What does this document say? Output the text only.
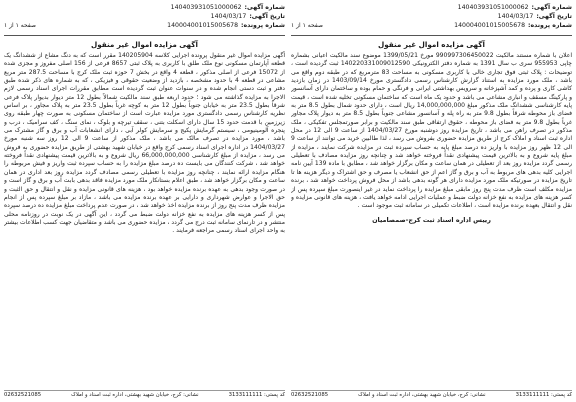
شماره آگهی:
140403931051000062
تاریخ آگهی:
1404/03/17
شماره پرونده:
140004001015005678
صفحه ۱ از ۱
آگهی مزایده اموال غیر منقول

آگهی مزایده اموال غیر منقول پرونده اجرایی کلاسه 140205904 مقرر است که به دنگ مشاع از ششدانگ یک قطعه آپارتمان مسکونی نوع ملک طلق با کاربری به پلاک ثبتی 8657 فرعی از 156 اصلی مفروز و مجزی شده از 15072 فرعی از اصلی مذکور ، قطعه 4 واقع در بخش 7 حوزه ثبت ملک کرج با مساحت 287.5 متر مربع مشاعی در قطعه 4 با حدود مشخصه ، بازدید از وضعیت حقوقی و فیزیکی ، که به شماره های ذکر شده طبق دفتر و ثبت دستی انجام شده و در سنوات عنوان ثبت گردیده است مطابق مقررات اجرای اسناد رسمی لازم الاجرا به مزایده گذاشته می شود ؛ حدود اربعه طبق سند مالکیت شمالاً بطول 12 متر دیوار بدیوار پلاک فرعی شرقاً بطول 23.5 متر به خیابان جنوباً بطول 12 متر به کوچه غرباً بطول 23.5 متر به پلاک مجاور ، بر اساس نظریه کارشناس رسمی دادگستری مورد مزایده عبارت است از ساختمان مسکونی به صورت چهار طبقه روی زیرزمین با قدمت حدود 15 سال دارای اسکلت بتنی ، سقف تیرچه و بلوک ، نمای سنگ ، کف سرامیک ، درب و پنجره آلومینیومی ، سیستم گرمایش پکیج و سرمایش کولر آبی ، دارای انشعابات آب و برق و گاز مشترک می باشد ، مورد مزایده در تصرف مالک می باشد ، ملک مذکور از ساعت 9 الی 12 روز سه شنبه مورخ 1404/03/27 در اداره اجرای اسناد رسمی کرج واقع در خیابان شهید بهشتی از طریق مزایده حضوری به فروش می رسد ، مزایده از مبلغ کارشناسی 66,000,000,000 ریال شروع و به بالاترین قیمت پیشنهادی نقداً فروخته خواهد شد ، شرکت کنندگان می بایست ده درصد مبلغ مزایده را به حساب سپرده ثبت واریز و فیش مربوطه را هنگام مزایده ارائه نمایند ، چنانچه روز مزایده با تعطیلی رسمی مصادف گردد مزایده روز بعد اداری در همان ساعت و مکان برگزار خواهد شد ، طبق اعلام بستانکار ملک مورد مزایده فاقد بدهی بابت آب و برق و گاز است و در صورت وجود بدهی به عهده برنده مزایده خواهد بود ، هزینه های قانونی مزایده و نقل و انتقال و حق الثبت و حق الاجرا و عوارض شهرداری و دارایی بر عهده برنده مزایده می باشد ، مازاد بر مبلغ سپرده پس از انجام مزایده ظرف مدت پنج روز از برنده مزایده اخذ خواهد شد ، در صورت عدم پرداخت مبلغ مزایده ده درصد سپرده پس از کسر هزینه های مزایده به نفع خزانه دولت ضبط می گردد ، این آگهی در یک نوبت در روزنامه محلی منتشر و در تارنمای سامانه ثبت درج می گردد ، مزایده حضوری می باشد و متقاضیان جهت کسب اطلاعات بیشتر به واحد اجرای اسناد رسمی مراجعه فرمایند .

کد پستی: 3133111111
نشانی: کرج، خیابان شهید بهشتی، اداره ثبت اسناد و املاک
02632521085
شماره آگهی:
140403931051000062
تاریخ آگهی:
1404/03/17
شماره پرونده:
140004001015005678
صفحه ۱ از ۱
آگهی مزایده اموال غیر منقول

اعلان با شماره مستند مالکیت 990997306450022 مورخ 1399/05/21 موضوع سند مالکیت اعیانی بشماره چاپی 955953 سری ب سال 1391 به شماره دفتر الکترونیکی 140220331009012590 ثبت گردیده است ، توضیحات : پلاک ثبتی فوق تجاری خالی با کاربری مسکونی به مساحت 83 مترمربع که در طبقه دوم واقع می باشد ، ملک مورد مزایده به استناد گزارش کارشناس رسمی دادگستری مورخ 1403/09/14 در زمان بازدید کاشی کاری و پرده و کمد آشپزخانه و سرویس بهداشتی ایرانی و فرنگی و حمام بوده و ساختمان دارای آسانسور و پارکینگ مسقف و انباری مشاعی می باشد و حدود یک ماه است که ساختمان مسکونی تخلیه شده است ، قیمت پایه کارشناسی ششدانگ ملک مذکور مبلغ 14,000,000,000 ریال است ، دارای حدود شمال بطول 8.5 متر به فضای باز محوطه شرقاً بطول 9.8 متر به راه پله و آسانسور مشاعی جنوباً بطول 8.5 متر به دیوار پلاک مجاور غرباً بطول 9.8 متر به فضای باز محوطه ، حقوق ارتفاقی طبق سند مالکیت و برابر صورتمجلس تفکیکی ، ملک مذکور در تصرف راهن می باشد ، تاریخ مزایده روز دوشنبه مورخ 1404/03/27 از ساعت 9 الی 12 در محل اداره ثبت اسناد و املاک کرج از طریق مزایده حضوری بفروش می رسد ، لذا طالبین خرید می توانند از ساعت 9 الی 12 ظهر روز مزایده با واریز ده درصد مبلغ پایه به حساب سپرده ثبت در مزایده شرکت نمایند ، مزایده از مبلغ پایه شروع و به بالاترین قیمت پیشنهادی نقداً فروخته خواهد شد و چنانچه روز مزایده مصادف با تعطیلی رسمی گردد مزایده روز بعد از تعطیلی در همان ساعت و مکان برگزار خواهد شد ، مطابق با ماده 139 آیین نامه اجرایی کلیه بدهی های مربوط به آب و برق و گاز اعم از حق انشعاب یا مصرف و حق اشتراک و دیگر هزینه ها تا تاریخ مزایده در صورتیکه ملک مورد مزایده دارای هر گونه بدهی باشد از محل فروش پرداخت خواهد شد ، برنده مزایده مکلف است ظرف مدت پنج روز مابقی مبلغ مزایده را پرداخت نماید در غیر اینصورت مبلغ سپرده پس از کسر هزینه های مزایده به نفع خزانه دولت ضبط و عملیات اجرایی ادامه خواهد یافت ، هزینه های قانونی مزایده و نقل و انتقال بعهده برنده مزایده است ، اطلاعات تکمیلی در سامانه ثبت موجود است .

رییس اداره اسناد ثبت کرج-صمصامیان
کد پستی: 3133111111
نشانی: کرج، خیابان شهید بهشتی، اداره ثبت اسناد و املاک
02632521085
